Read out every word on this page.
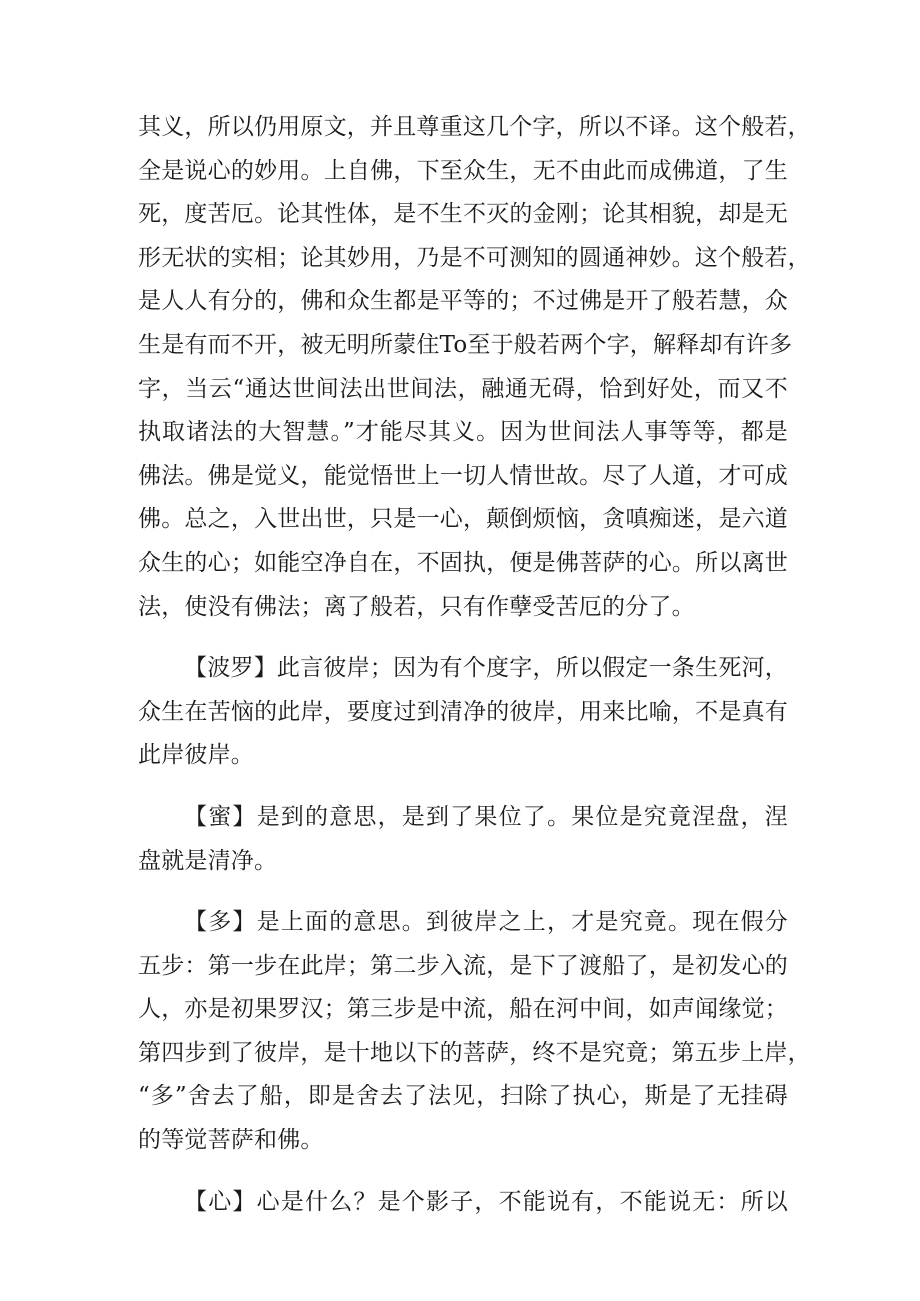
其义，所以仍用原文，并且尊重这几个字，所以不译。这个般若，
全是说心的妙用。上自佛，下至众生，无不由此而成佛道，了生
死，度苦厄。论其性体，是不生不灭的金刚；论其相貌，却是无
形无状的实相；论其妙用，乃是不可测知的圆通神妙。这个般若，
是人人有分的，佛和众生都是平等的；不过佛是开了般若慧，众
生是有而不开，被无明所蒙住To至于般若两个字，解释却有许多
字，当云“通达世间法出世间法，融通无碍，恰到好处，而又不
执取诸法的大智慧。”才能尽其义。因为世间法人事等等，都是
佛法。佛是觉义，能觉悟世上一切人情世故。尽了人道，才可成
佛。总之，入世出世，只是一心，颠倒烦恼，贪嗔痴迷，是六道
众生的心；如能空净自在，不固执，便是佛菩萨的心。所以离世
法，使没有佛法；离了般若，只有作孽受苦厄的分了。
【波罗】此言彼岸；因为有个度字，所以假定一条生死河，
众生在苦恼的此岸，要度过到清净的彼岸，用来比喻，不是真有
此岸彼岸。
【蜜】是到的意思，是到了果位了。果位是究竟涅盘，涅
盘就是清净。
【多】是上面的意思。到彼岸之上，才是究竟。现在假分
五步：第一步在此岸；第二步入流，是下了渡船了，是初发心的
人，亦是初果罗汉；第三步是中流，船在河中间，如声闻缘觉；
第四步到了彼岸，是十地以下的菩萨，终不是究竟；第五步上岸，
“多”舍去了船，即是舍去了法见，扫除了执心，斯是了无挂碍
的等觉菩萨和佛。
【心】心是什么？是个影子，不能说有，不能说无：所以
